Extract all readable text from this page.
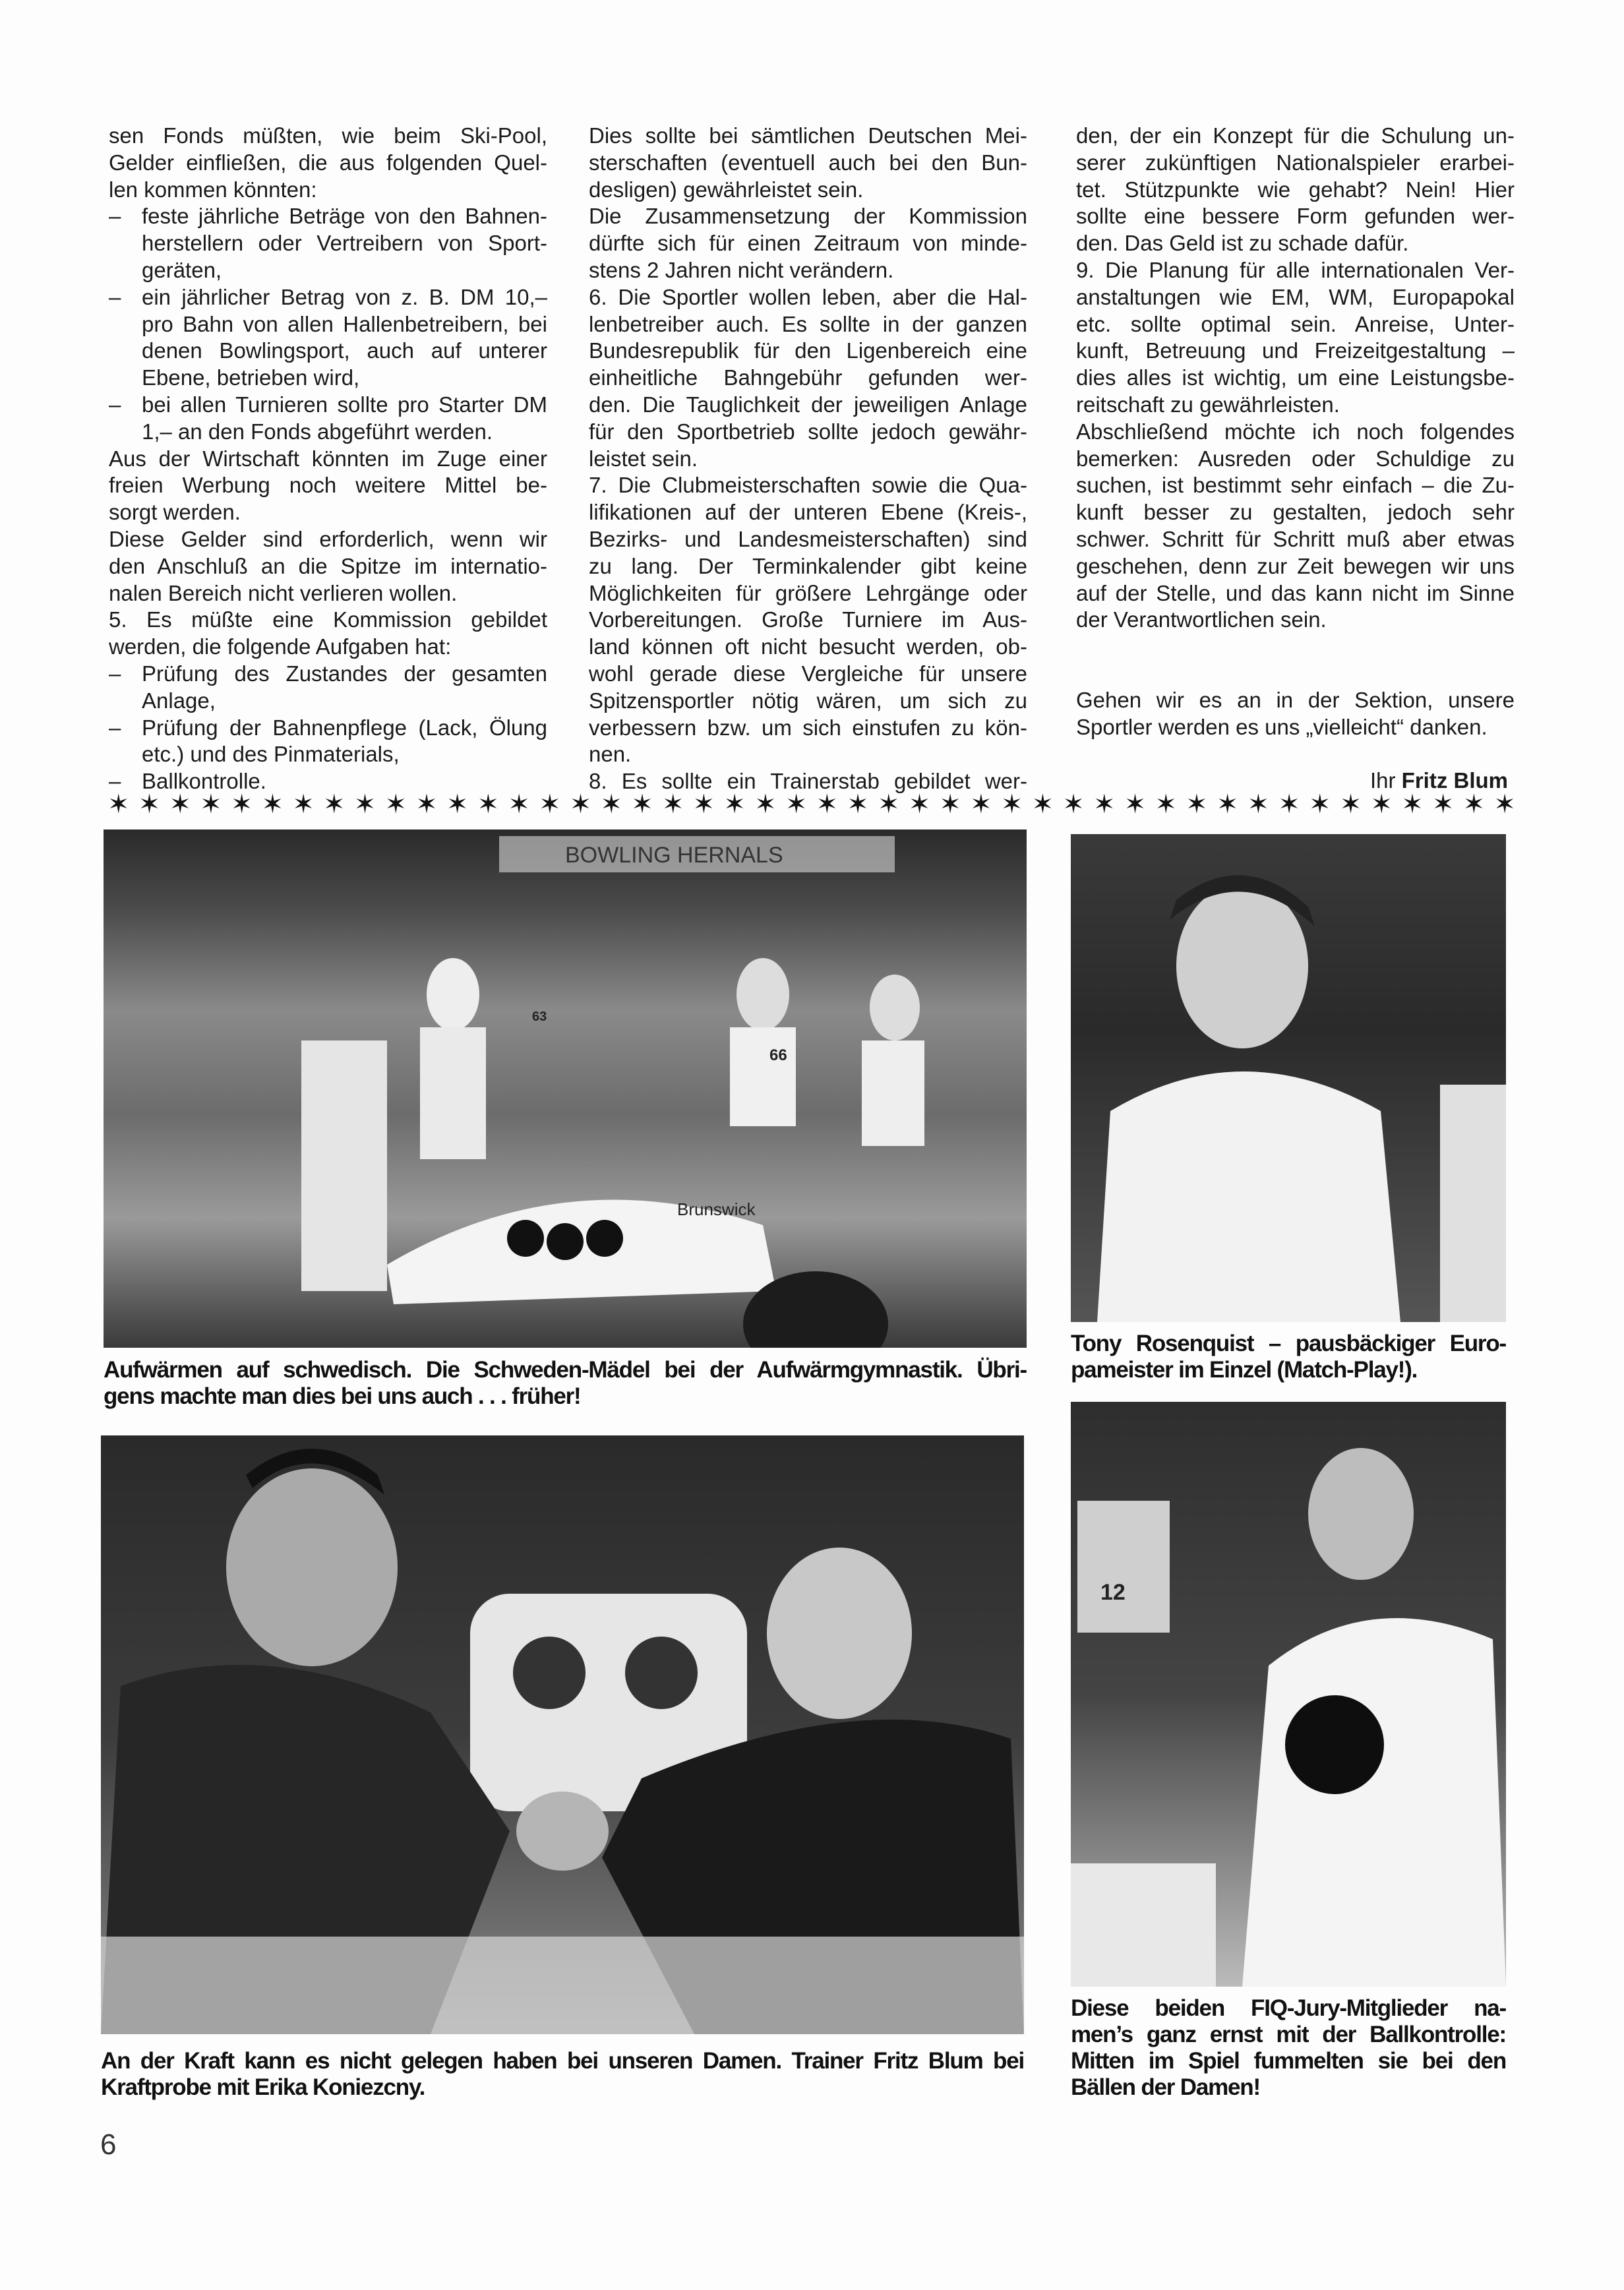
sen Fonds müßten, wie beim Ski-Pool,
Gelder einfließen, die aus folgenden Quel-
len kommen könnten:
– feste jährliche Beträge von den Bahnen-
herstellern oder Vertreibern von Sport-
geräten,
– ein jährlicher Betrag von z. B. DM 10,–
pro Bahn von allen Hallenbetreibern, bei
denen Bowlingsport, auch auf unterer
Ebene, betrieben wird,
– bei allen Turnieren sollte pro Starter DM
1,– an den Fonds abgeführt werden.
Aus der Wirtschaft könnten im Zuge einer
freien Werbung noch weitere Mittel be-
sorgt werden.
Diese Gelder sind erforderlich, wenn wir
den Anschluß an die Spitze im internatio-
nalen Bereich nicht verlieren wollen.
5. Es müßte eine Kommission gebildet
werden, die folgende Aufgaben hat:
– Prüfung des Zustandes der gesamten
Anlage,
– Prüfung der Bahnenpflege (Lack, Ölung
etc.) und des Pinmaterials,
– Ballkontrolle.
Dies sollte bei sämtlichen Deutschen Mei-
sterschaften (eventuell auch bei den Bun-
desligen) gewährleistet sein.
Die Zusammensetzung der Kommission
dürfte sich für einen Zeitraum von minde-
stens 2 Jahren nicht verändern.
6. Die Sportler wollen leben, aber die Hal-
lenbetreiber auch. Es sollte in der ganzen
Bundesrepublik für den Ligenbereich eine
einheitliche Bahngebühr gefunden wer-
den. Die Tauglichkeit der jeweiligen Anlage
für den Sportbetrieb sollte jedoch gewähr-
leistet sein.
7. Die Clubmeisterschaften sowie die Qua-
lifikationen auf der unteren Ebene (Kreis-,
Bezirks- und Landesmeisterschaften) sind
zu lang. Der Terminkalender gibt keine
Möglichkeiten für größere Lehrgänge oder
Vorbereitungen. Große Turniere im Aus-
land können oft nicht besucht werden, ob-
wohl gerade diese Vergleiche für unsere
Spitzensportler nötig wären, um sich zu
verbessern bzw. um sich einstufen zu kön-
nen.
8. Es sollte ein Trainerstab gebildet wer-
den, der ein Konzept für die Schulung un-
serer zukünftigen Nationalspieler erarbei-
tet. Stützpunkte wie gehabt? Nein! Hier
sollte eine bessere Form gefunden wer-
den. Das Geld ist zu schade dafür.
9. Die Planung für alle internationalen Ver-
anstaltungen wie EM, WM, Europapokal
etc. sollte optimal sein. Anreise, Unter-
kunft, Betreuung und Freizeitgestaltung –
dies alles ist wichtig, um eine Leistungsbe-
reitschaft zu gewährleisten.
Abschließend möchte ich noch folgendes
bemerken: Ausreden oder Schuldige zu
suchen, ist bestimmt sehr einfach – die Zu-
kunft besser zu gestalten, jedoch sehr
schwer. Schritt für Schritt muß aber etwas
geschehen, denn zur Zeit bewegen wir uns
auf der Stelle, und das kann nicht im Sinne
der Verantwortlichen sein.
Gehen wir es an in der Sektion, unsere
Sportler werden es uns „vielleicht“ danken.
Ihr Fritz Blum
✶ ✶ ✶ ✶ ✶ ✶ ✶ ✶ ✶ ✶ ✶ ✶ ✶ ✶ ✶ ✶ ✶ ✶ ✶ ✶ ✶ ✶ ✶ ✶ ✶ ✶ ✶ ✶ ✶ ✶ ✶ ✶ ✶ ✶ ✶ ✶ ✶ ✶ ✶ ✶ ✶ ✶ ✶ ✶ ✶ ✶
BOWLING HERNALS
Brunswick
66
63
Aufwärmen auf schwedisch. Die Schweden-Mädel bei der Aufwärmgymnastik. Übri-
gens machte man dies bei uns auch . . . früher!
Tony Rosenquist – pausbäckiger Euro-
pameister im Einzel (Match-Play!).
12
Diese beiden FIQ-Jury-Mitglieder na-
men’s ganz ernst mit der Ballkontrolle:
Mitten im Spiel fummelten sie bei den
Bällen der Damen!
An der Kraft kann es nicht gelegen haben bei unseren Damen. Trainer Fritz Blum bei
Kraftprobe mit Erika Koniezcny.
6
